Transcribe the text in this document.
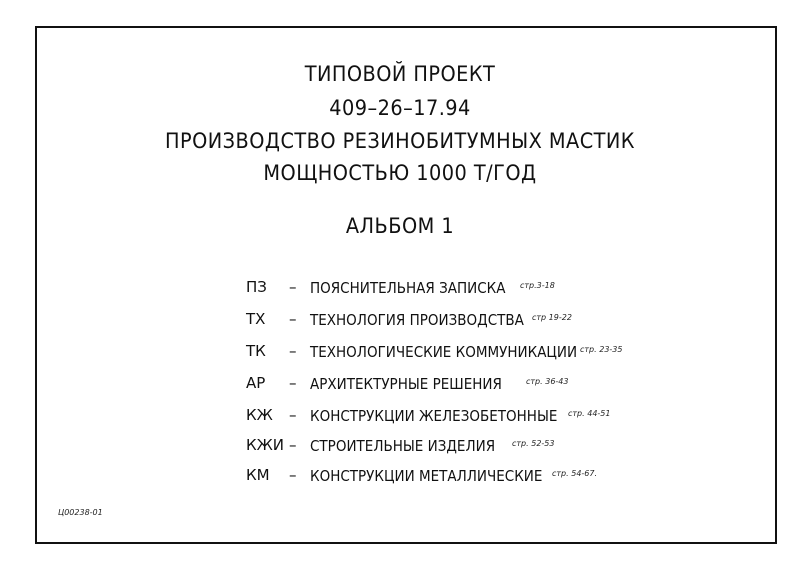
ТИПОВОЙ ПРОЕКТ
409–26–17.94
ПРОИЗВОДСТВО РЕЗИНОБИТУМНЫХ МАСТИК
МОЩНОСТЬЮ 1000 Т/ГОД
АЛЬБОМ 1
ПЗ – ПОЯСНИТЕЛЬНАЯ ЗАПИСКА	стр.3-18
ТХ – ТЕХНОЛОГИЯ ПРОИЗВОДСТВА	стр 19-22
ТК – ТЕХНОЛОГИЧЕСКИЕ КОММУНИКАЦИИ стр. 23-35
АР – АРХИТЕКТУРНЫЕ РЕШЕНИЯ	стр. 36-43
КЖ – КОНСТРУКЦИИ ЖЕЛЕЗОБЕТОННЫЕ	стр. 44-51
КЖИ – СТРОИТЕЛЬНЫЕ ИЗДЕЛИЯ	стр. 52-53
КМ – КОНСТРУКЦИИ МЕТАЛЛИЧЕСКИЕ	стр. 54-67.
Ц00238-01
